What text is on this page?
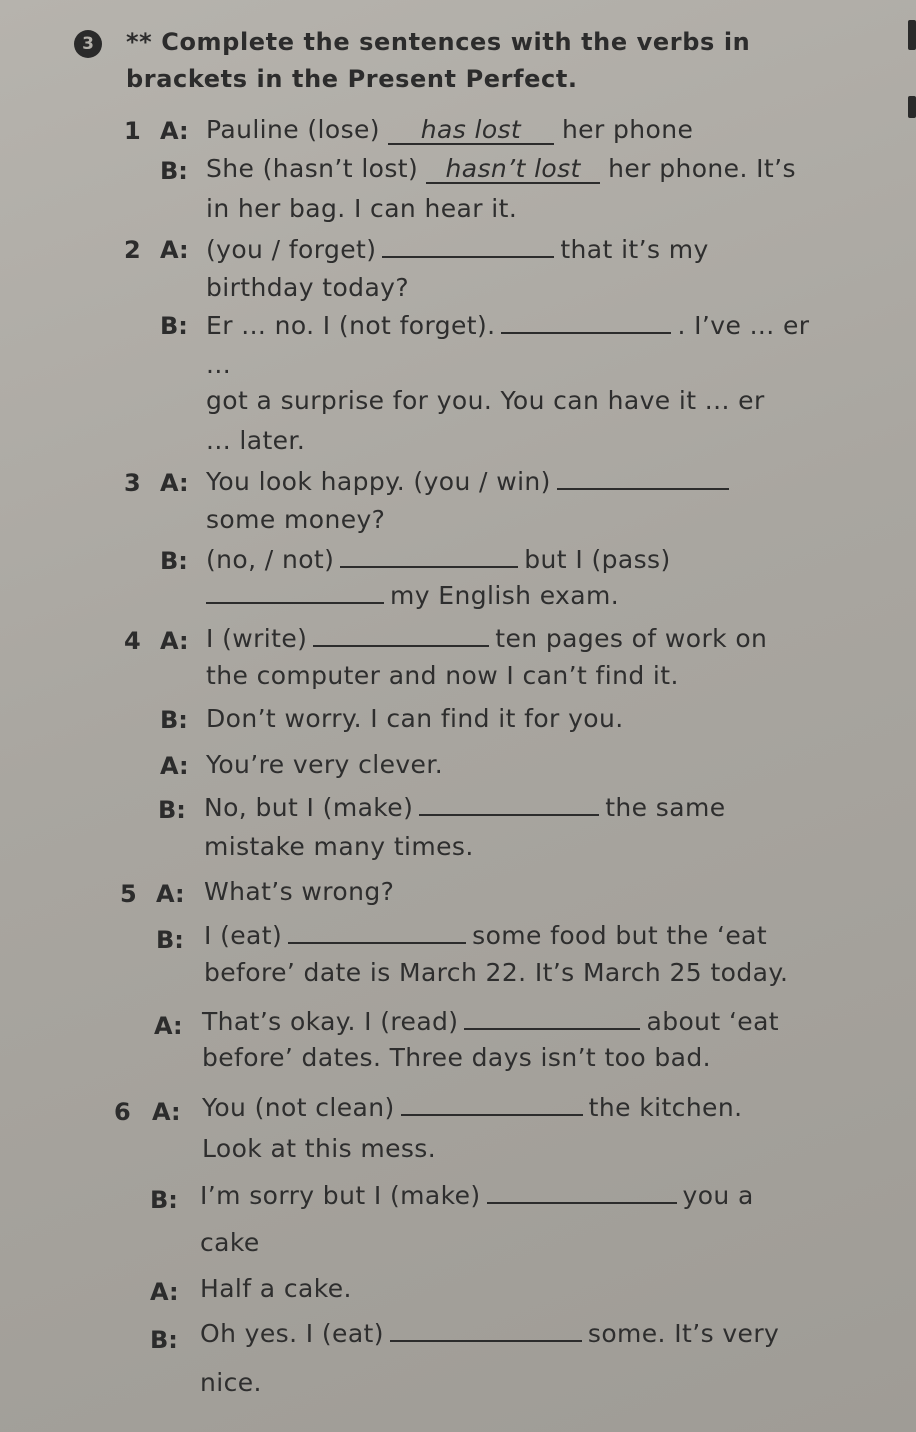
3	** Complete the sentences with the verbs in brackets in the Present Perfect.
1 A: Pauline (lose) has lost her phone
B: She (hasn’t lost) hasn’t lost her phone. It’s
in her bag. I can hear it.
2 A: (you / forget)	that it’s my
birthday today?
B: Er ... no. I (not forget).	. I’ve ... er
...
got a surprise for you. You can have it ... er
... later.
3 A: You look happy. (you / win)
some money?
B: (no, / not)	but I (pass)
my English exam.
4 A: I (write)	ten pages of work on
the computer and now I can’t find it.
B: Don’t worry. I can find it for you.
A: You’re very clever.
B: No, but I (make)	the same
mistake many times.
5 A: What’s wrong?
B: I (eat)	some food but the ‘eat
before’ date is March 22. It’s March 25 today.
A: That’s okay. I (read)	about ‘eat
before’ dates. Three days isn’t too bad.
6 A: You (not clean)	the kitchen.
Look at this mess.
B: I’m sorry but I (make)	you a
cake
A: Half a cake.
B: Oh yes. I (eat)	some. It’s very
nice.
